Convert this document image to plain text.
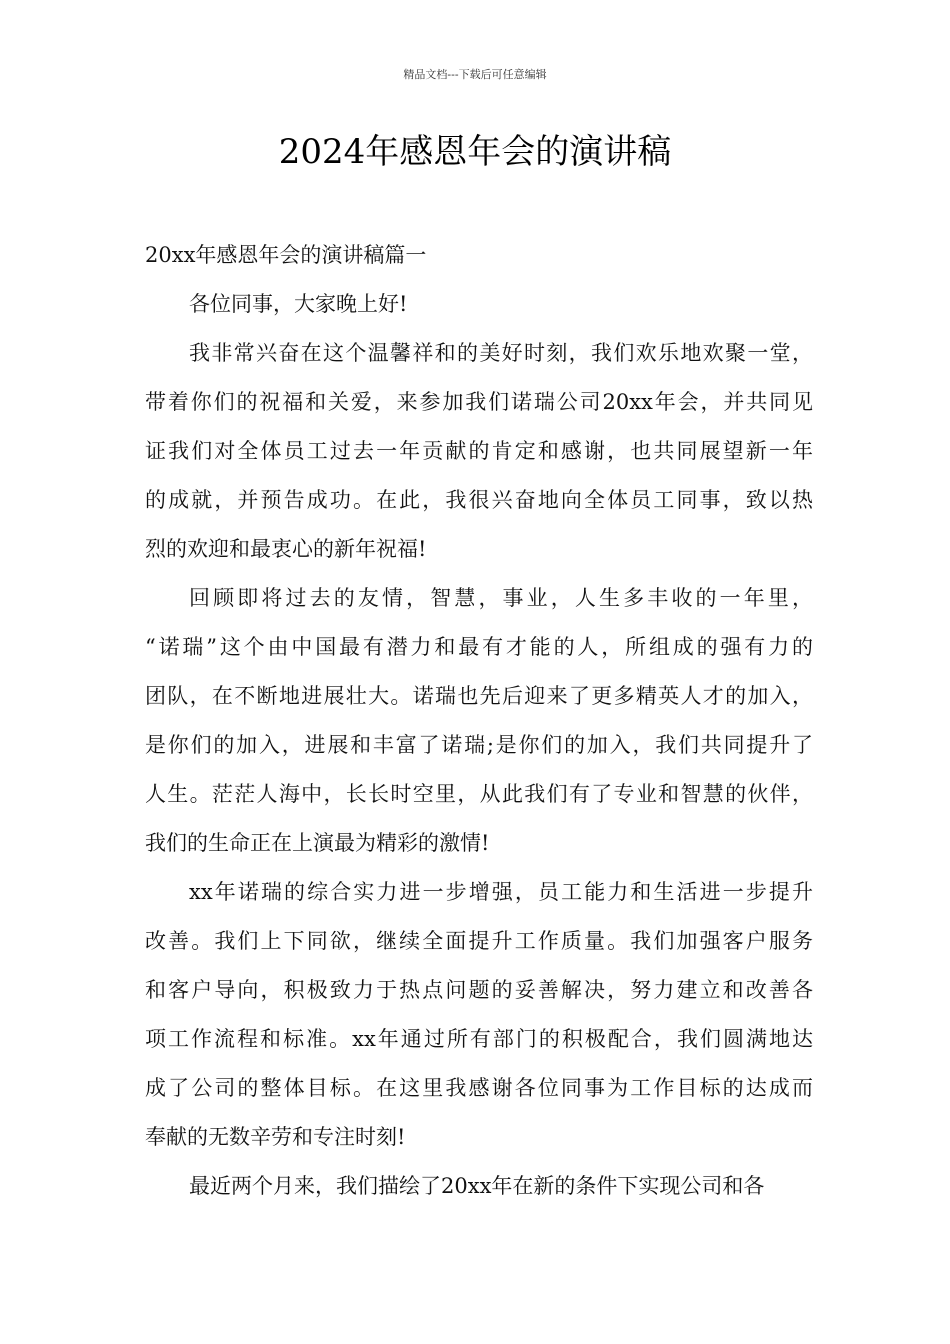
精品文档---下载后可任意编辑
2024年感恩年会的演讲稿
20xx年感恩年会的演讲稿篇一
各位同事，大家晚上好!
我非常兴奋在这个温馨祥和的美好时刻，我们欢乐地欢聚一堂，
带着你们的祝福和关爱，来参加我们诺瑞公司20xx年会，并共同见
证我们对全体员工过去一年贡献的肯定和感谢，也共同展望新一年
的成就，并预告成功。在此，我很兴奋地向全体员工同事，致以热
烈的欢迎和最衷心的新年祝福!
回顾即将过去的友情，智慧，事业，人生多丰收的一年里，
“诺瑞”这个由中国最有潜力和最有才能的人，所组成的强有力的
团队，在不断地进展壮大。诺瑞也先后迎来了更多精英人才的加入，
是你们的加入，进展和丰富了诺瑞;是你们的加入，我们共同提升了
人生。茫茫人海中，长长时空里，从此我们有了专业和智慧的伙伴，
我们的生命正在上演最为精彩的激情!
xx年诺瑞的综合实力进一步增强，员工能力和生活进一步提升
改善。我们上下同欲，继续全面提升工作质量。我们加强客户服务
和客户导向，积极致力于热点问题的妥善解决，努力建立和改善各
项工作流程和标准。xx年通过所有部门的积极配合，我们圆满地达
成了公司的整体目标。在这里我感谢各位同事为工作目标的达成而
奉献的无数辛劳和专注时刻!
最近两个月来，我们描绘了20xx年在新的条件下实现公司和各
